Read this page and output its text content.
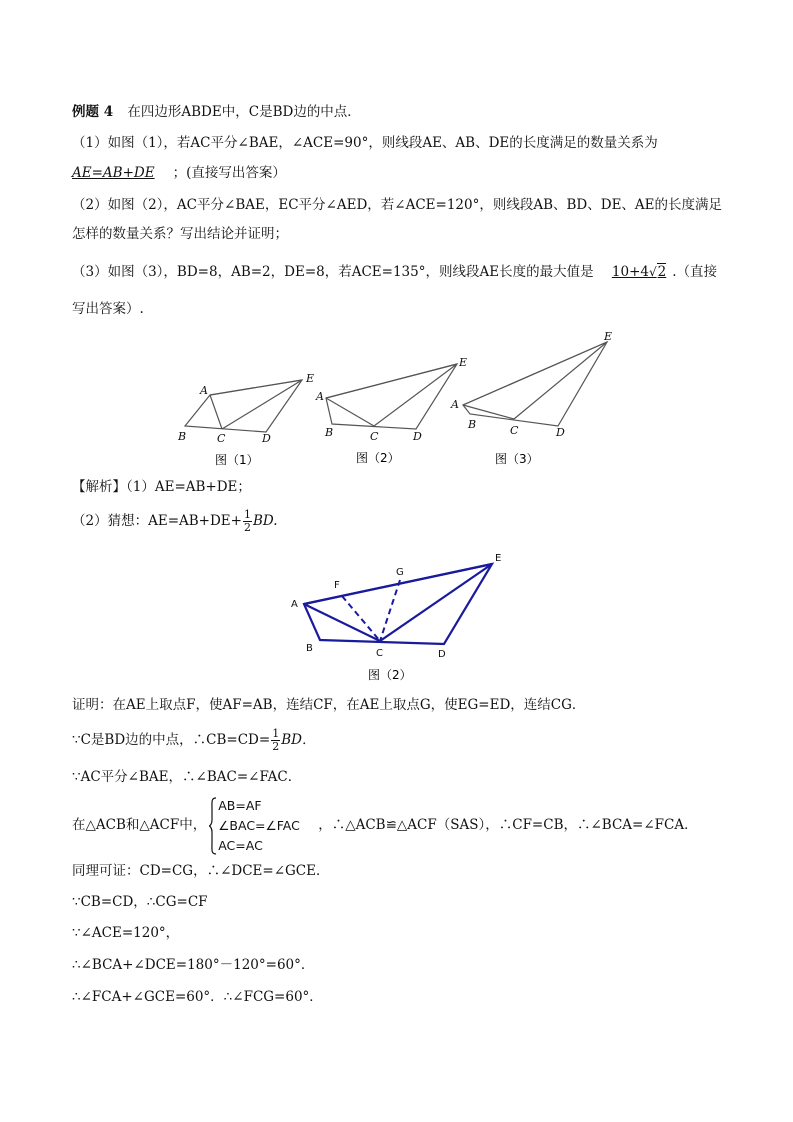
例题 4 在四边形ABDE中，C是BD边的中点．
（1）如图（1），若AC平分∠BAE，∠ACE=90°，则线段AE、AB、DE的长度满足的数量关系为
AE=AB+DE ；(直接写出答案）
（2）如图（2），AC平分∠BAE，EC平分∠AED，若∠ACE=120°，则线段AB、BD、DE、AE的长度满足
怎样的数量关系？写出结论并证明；
（3）如图（3），BD=8，AB=2，DE=8，若ACE=135°，则线段AE长度的最大值是 10+4√2 .（直接
写出答案）.
A
B	C	D
E
图（1）
A
B	C	D
E
图（2）
A
B	C	D
E
图（3）
【解析】（1）AE=AB+DE；
（2）猜想：$AE=AB+DE+ \frac{1}{2}$ BD.
A
B	C	D
E
F
G
图（2）
证明：在AE上取点F，使AF=AB，连结CF，在AE上取点G，使EG=ED，连结CG．
∵C是BD边的中点，∴CB=CD= $\frac{1}{2}$ BD．
∵AC平分∠BAE，∴∠BAC=∠FAC．
在△ACB和△ACF中，
AB=AF
∠BAC=∠FAC
AC=AC
，∴△ACB≌△ACF（SAS），∴CF=CB，∴∠BCA=∠FCA．
同理可证：CD=CG，∴∠DCE=∠GCE．
∵CB=CD，∴CG=CF
∵∠ACE=120°，
∴∠BCA+∠DCE=180°－120°=60°．
∴∠FCA+∠GCE=60°．∴∠FCG=60°．
